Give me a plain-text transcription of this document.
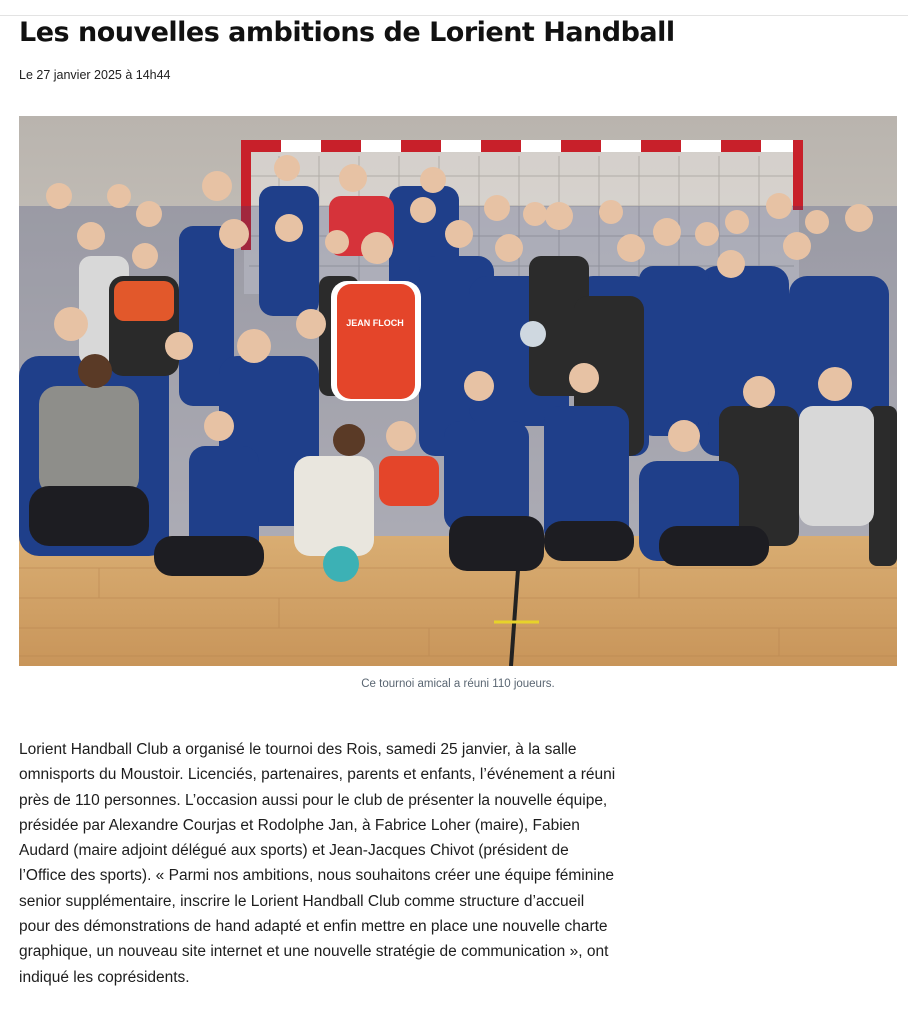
Les nouvelles ambitions de Lorient Handball
Le 27 janvier 2025 à 14h44
JEAN FLOCH
Ce tournoi amical a réuni 110 joueurs.

Lorient Handball Club a organisé le tournoi des Rois, samedi 25 janvier, à la salle omnisports du Moustoir. Licenciés, partenaires, parents et enfants, l’événement a réuni près de 110 personnes. L’occasion aussi pour le club de présenter la nouvelle équipe, présidée par Alexandre Courjas et Rodolphe Jan, à Fabrice Loher (maire), Fabien Audard (maire adjoint délégué aux sports) et Jean-Jacques Chivot (président de l’Office des sports). « Parmi nos ambitions, nous souhaitons créer une équipe féminine senior supplémentaire, inscrire le Lorient Handball Club comme structure d’accueil pour des démonstrations de hand adapté et enfin mettre en place une nouvelle charte graphique, un nouveau site internet et une nouvelle stratégie de communication », ont indiqué les coprésidents.
